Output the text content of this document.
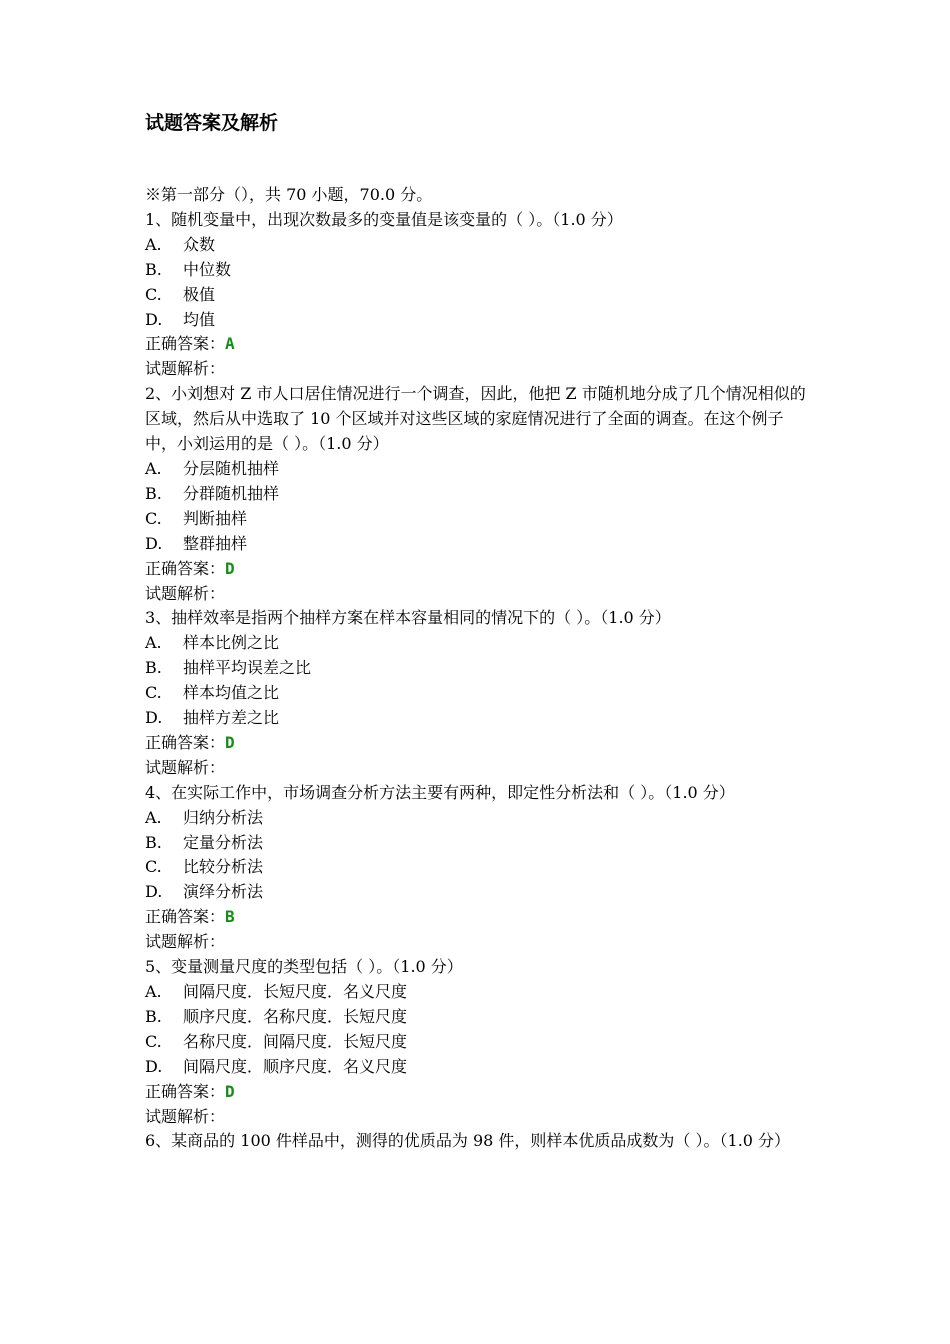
试题答案及解析
※第一部分（），共 70 小题，70.0 分。
1、随机变量中，出现次数最多的变量值是该变量的（ ）。（1.0 分）
A.	众数
B.	中位数
C.	极值
D.	均值
正确答案：A
试题解析：
2、小刘想对 Z 市人口居住情况进行一个调查，因此，他把 Z 市随机地分成了几个情况相似的区域，然后从中选取了 10 个区域并对这些区域的家庭情况进行了全面的调查。在这个例子中，小刘运用的是（ ）。（1.0 分）
A.	分层随机抽样
B.	分群随机抽样
C.	判断抽样
D.	整群抽样
正确答案：D
试题解析：
3、抽样效率是指两个抽样方案在样本容量相同的情况下的（ ）。（1.0 分）
A.	样本比例之比
B.	抽样平均误差之比
C.	样本均值之比
D.	抽样方差之比
正确答案：D
试题解析：
4、在实际工作中，市场调查分析方法主要有两种，即定性分析法和（ ）。（1.0 分）
A.	归纳分析法
B.	定量分析法
C.	比较分析法
D.	演绎分析法
正确答案：B
试题解析：
5、变量测量尺度的类型包括（ ）。（1.0 分）
A.	间隔尺度．长短尺度．名义尺度
B.	顺序尺度．名称尺度．长短尺度
C.	名称尺度．间隔尺度．长短尺度
D.	间隔尺度．顺序尺度．名义尺度
正确答案：D
试题解析：
6、某商品的 100 件样品中，测得的优质品为 98 件，则样本优质品成数为（ ）。（1.0 分）
